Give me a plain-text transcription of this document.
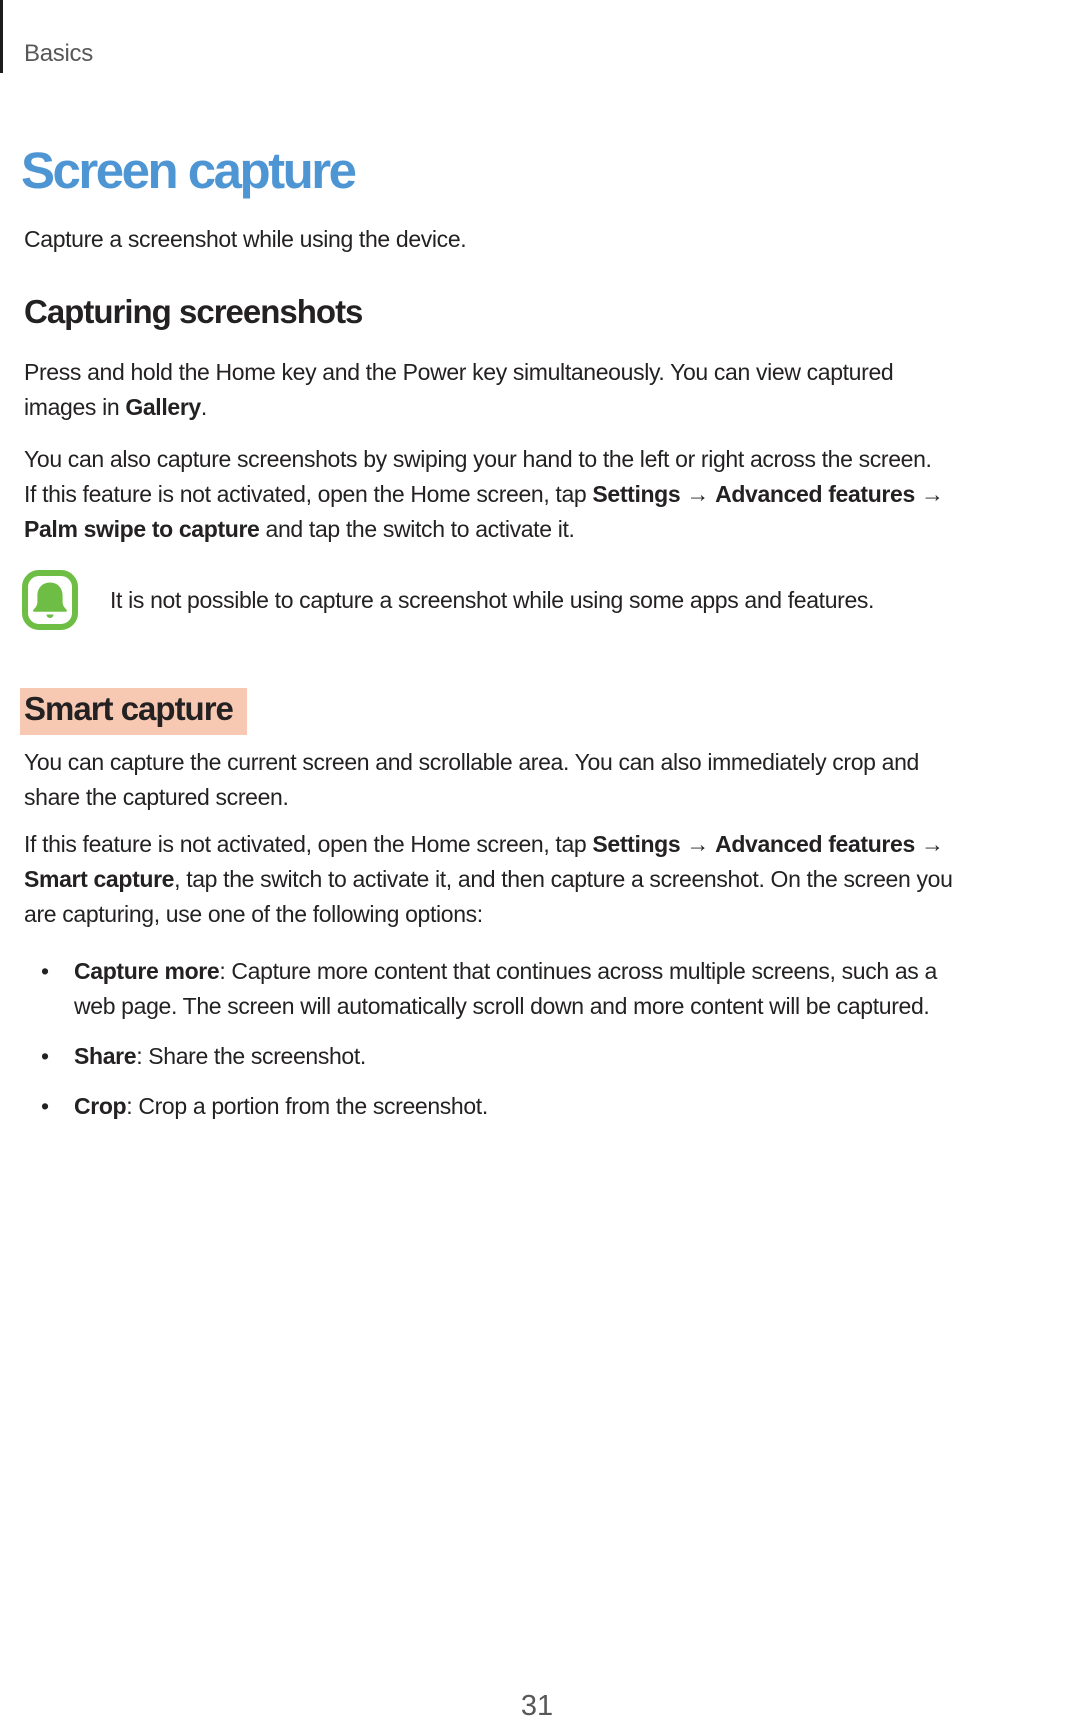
Basics
Screen capture
Capture a screenshot while using the device.
Capturing screenshots
Press and hold the Home key and the Power key simultaneously. You can view captured
images in Gallery.
You can also capture screenshots by swiping your hand to the left or right across the screen.
If this feature is not activated, open the Home screen, tap Settings → Advanced features →
Palm swipe to capture and tap the switch to activate it.
It is not possible to capture a screenshot while using some apps and features.
Smart capture
You can capture the current screen and scrollable area. You can also immediately crop and
share the captured screen.
If this feature is not activated, open the Home screen, tap Settings → Advanced features →
Smart capture, tap the switch to activate it, and then capture a screenshot. On the screen you
are capturing, use one of the following options:
•	Capture more: Capture more content that continues across multiple screens, such as a
web page. The screen will automatically scroll down and more content will be captured.
•	Share: Share the screenshot.
•	Crop: Crop a portion from the screenshot.
31
